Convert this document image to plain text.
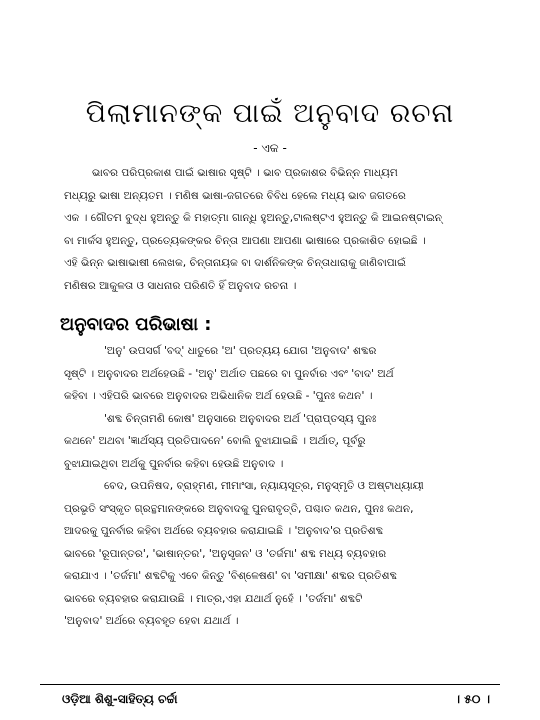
ପିଲାମାନଙ୍କ ପାଇଁ ଅନୁବାଦ ରଚନା
- ଏକ -
ଭାବର ପରିପ୍ରକାଶ ପାଇଁ ଭାଷାର ସୃଷ୍ଟି । ଭାବ ପ୍ରକାଶର ବିଭିନ୍ନ ମାଧ୍ୟମ
ମଧ୍ୟରୁ ଭାଷା ଅନ୍ୟତମ । ମଣିଷ ଭାଷା-ଜଗତରେ ବିବିଧ ହେଲେ ମଧ୍ୟ ଭାବ ଜଗତରେ
ଏକ । ଗୌତମ ବୁଦ୍ଧ ହୁଅନ୍ତୁ କି ମହାତ୍ମା ଗାନ୍ଧି ହୁଅନ୍ତୁ,ଟାଲଷ୍ଟଏ ହୁଅନ୍ତୁ କି ଆଇନଷ୍ଟାଇନ୍
ବା ମାର୍କସ ହୁଅନ୍ତୁ, ପ୍ରତ୍ୟେକଙ୍କର ଚିନ୍ତା ଆପଣା ଆପଣା ଭାଷାରେ ପ୍ରକାଶିତ ହୋଇଛି ।
ଏହି ଭିନ୍ନ ଭାଷାଭାଷୀ ଲେଖକ, ଚିନ୍ତାନାୟକ ବା ଦାର୍ଶନିକଙ୍କ ଚିନ୍ତାଧାରାକୁ ଜାଣିବାପାଇଁ
ମଣିଷର ଆକୁଳତା ଓ ସାଧନାର ପରିଣତି ହିଁ ଅନୁବାଦ ରଚନା ।
ଅନୁବାଦର ପରିଭାଷା :
'ଅନୁ' ଉପସର୍ଗ 'ବଦ୍' ଧାତୁରେ 'ଅ' ପ୍ରତ୍ୟୟ ଯୋଗ 'ଅନୁବାଦ' ଶବ୍ଦର
ସୃଷ୍ଟି । ଅନୁବାଦର ଅର୍ଥହେଉଛି - 'ଅନୁ' ଅର୍ଥାତ ପଛରେ ବା ପୁନର୍ବାର ଏବଂ 'ବାଦ' ଅର୍ଥ
କହିବା । ଏହିପରି ଭାବରେ ଅନୁବାଦର ଅଭିଧାନିକ ଅର୍ଥ ହେଉଛି - 'ପୁନଃ କଥନ' ।
'ଶବ୍ଦ ଚିନ୍ତାମଣି କୋଷ' ଅନୁସାରେ ଅନୁବାଦର ଅର୍ଥ 'ପ୍ରାପ୍ତସ୍ୟ ପୁନଃ
କଥନେ' ଅଥବା 'ଜ୍ଞାର୍ଥସ୍ୟ ପ୍ରତିପାଦନେ' ବୋଲି ବୁଝାଯାଇଛି । ଅର୍ଥାତ୍, ପୂର୍ବରୁ
ବୁଝାଯାଇଥିବା ଅର୍ଥକୁ ପୁନର୍ବାର କହିବା ହେଉଛି ଅନୁବାଦ ।
ବେଦ, ଉପନିଷଦ, ବ୍ରାହ୍ମଣ, ମୀମାଂସା, ନ୍ୟାୟସୂତ୍ର, ମନୁସ୍ମୃତି ଓ ଅଷ୍ଟାଧ୍ୟାୟୀ
ପ୍ରଭୃତି ସଂସ୍କୃତ ଗ୍ରନ୍ଥମାନଙ୍କରେ ଅନୁବାଦକୁ ପୁନରାବୃତ୍ତି, ପଶ୍ଚାତ କଥନ, ପୁନଃ କଥନ,
ଆଦରକୁ ପୁନର୍ବାର କହିବା ଅର୍ଥରେ ବ୍ୟବହାର କରାଯାଇଛି । 'ଅନୁବାଦ'ର ପ୍ରତିଶବ୍ଦ
ଭାବରେ 'ରୂପାନ୍ତର', 'ଭାଷାନ୍ତର', 'ଅନୁସୃଜନ' ଓ 'ତର୍ଜମା' ଶବ୍ଦ ମଧ୍ୟ ବ୍ୟବହାର
କରାଯାଏ । 'ତର୍ଜମା' ଶବ୍ଦଟିକୁ ଏବେ କିନ୍ତୁ 'ବିଶ୍ଳେଷଣ' ବା 'ସମୀକ୍ଷା' ଶବ୍ଦର ପ୍ରତିଶବ୍ଦ
ଭାବରେ ବ୍ୟବହାର କରାଯାଉଛି । ମାତ୍ର,ଏହା ଯଥାର୍ଥ ନୁହେଁ । 'ତର୍ଜମା' ଶବ୍ଦଟି
'ଅନୁବାଦ' ଅର୍ଥରେ ବ୍ୟବହୃତ ହେବା ଯଥାର୍ଥ ।
ଓଡ଼ିଆ ଶିଶୁ-ସାହିତ୍ୟ ଚର୍ଚ୍ଚା	। ୫୦ ।
